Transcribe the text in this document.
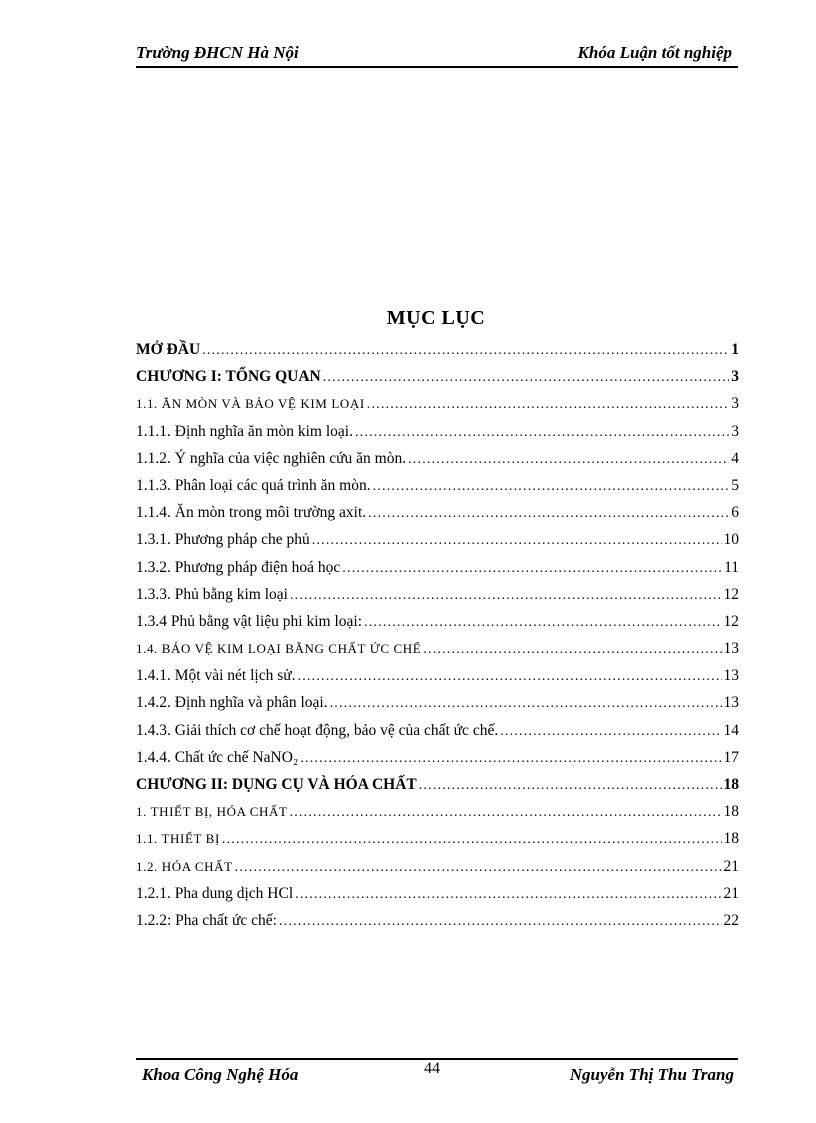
Trường ĐHCN Hà Nội	Khóa Luận tốt nghiệp
MỤC LỤC
MỞ ĐẦU .....	1
CHƯƠNG I: TỔNG QUAN .....	3
1.1. ĂN MÒN VÀ BẢO VỆ KIM LOẠI .....	3
1.1.1. Định nghĩa ăn mòn kim loại. .....	3
1.1.2. Ý nghĩa của việc nghiên cứu ăn mòn. .....	4
1.1.3. Phân loại các quá trình ăn mòn. .....	5
1.1.4. Ăn mòn trong môi trường axit. .....	6
1.3.1. Phương pháp che phủ .....	10
1.3.2. Phương pháp điện hoá học .....	11
1.3.3. Phủ bằng kim loại .....	12
1.3.4 Phủ bằng vật liệu phi kim loại: .....	12
1.4. BẢO VỆ KIM LOẠI BẰNG CHẤT ỨC CHẾ .....	13
1.4.1. Một vài nét lịch sử. .....	13
1.4.2. Định nghĩa và phân loại. .....	13
1.4.3. Giải thích cơ chế hoạt động, bảo vệ của chất ức chế. .....	14
1.4.4. Chất ức chế NaNO₂ .....	17
CHƯƠNG II: DỤNG CỤ VÀ HÓA CHẤT .....	18
1. THIẾT BỊ, HÓA CHẤT .....	18
1.1. THIẾT BỊ .....	18
1.2. HÓA CHẤT .....	21
1.2.1. Pha dung dịch HCl .....	21
1.2.2: Pha chất ức chế: .....	22
Khoa Công Nghệ Hóa	44	Nguyễn Thị Thu Trang
